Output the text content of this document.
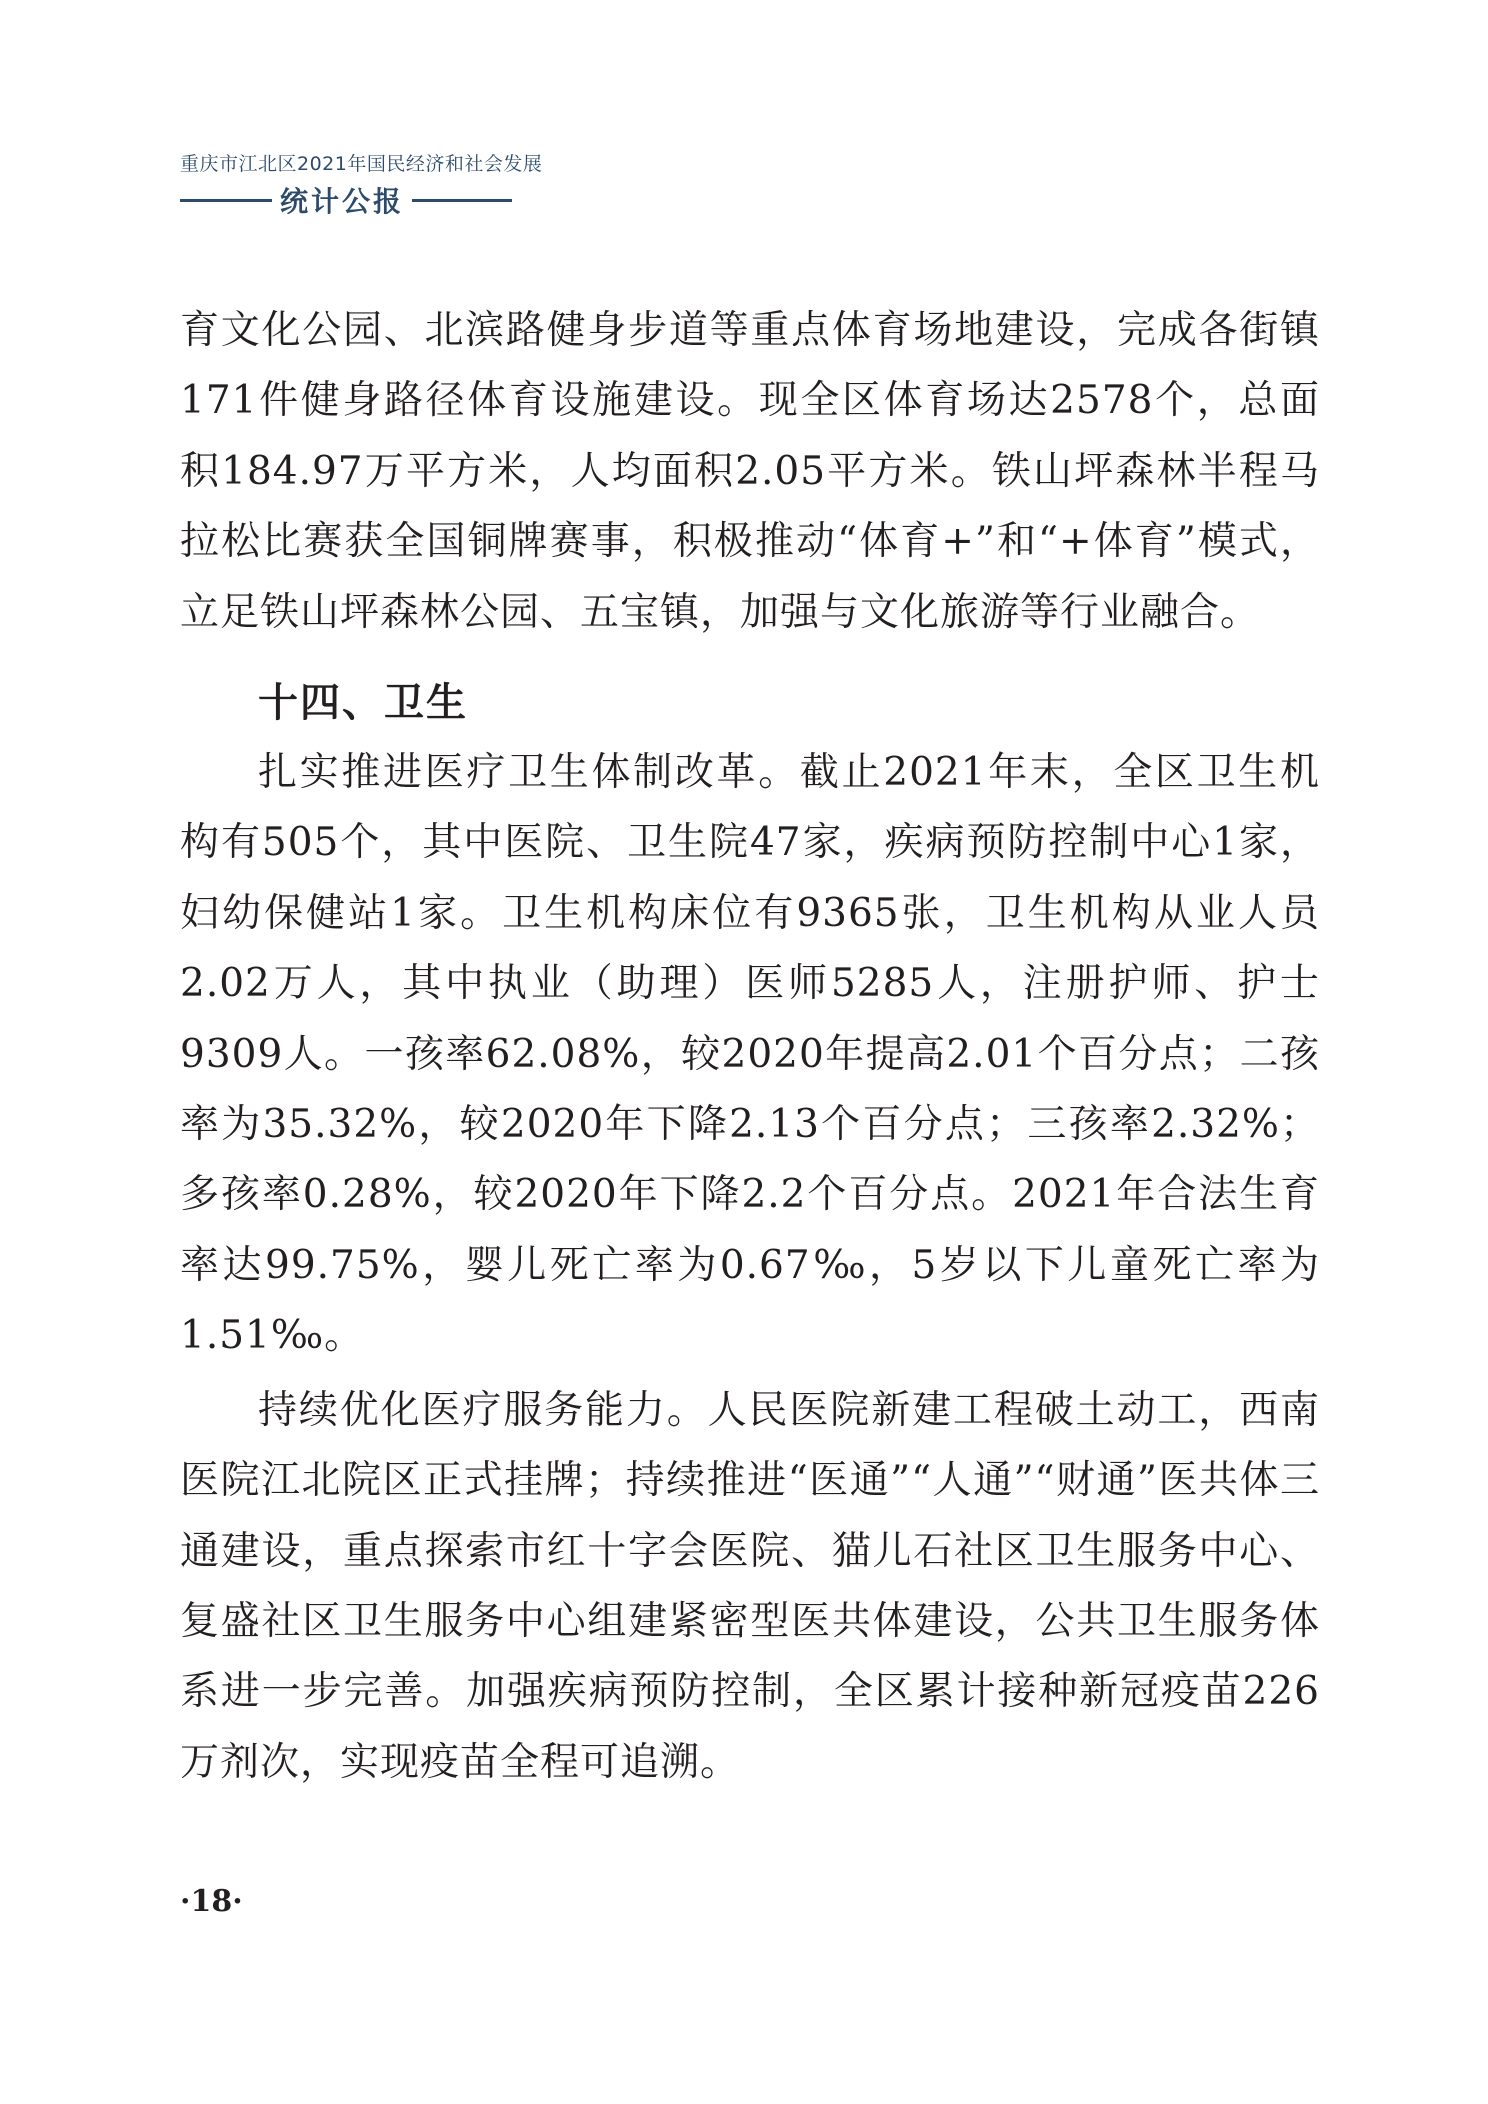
重庆市江北区2021年国民经济和社会发展
统计公报

育文化公园、北滨路健身步道等重点体育场地建设，完成各街镇171件健身路径体育设施建设。现全区体育场达2578个，总面积184.97万平方米，人均面积2.05平方米。铁山坪森林半程马拉松比赛获全国铜牌赛事，积极推动“体育+”和“+体育”模式，立足铁山坪森林公园、五宝镇，加强与文化旅游等行业融合。

十四、卫生

扎实推进医疗卫生体制改革。截止2021年末，全区卫生机构有505个，其中医院、卫生院47家，疾病预防控制中心1家，妇幼保健站1家。卫生机构床位有9365张，卫生机构从业人员2.02万人，其中执业（助理）医师5285人，注册护师、护士9309人。一孩率62.08%，较2020年提高2.01个百分点；二孩率为35.32%，较2020年下降2.13个百分点；三孩率2.32%；多孩率0.28%，较2020年下降2.2个百分点。2021年合法生育率达99.75%，婴儿死亡率为0.67‰，5岁以下儿童死亡率为1.51‰。

持续优化医疗服务能力。人民医院新建工程破土动工，西南医院江北院区正式挂牌；持续推进“医通”“人通”“财通”医共体三通建设，重点探索市红十字会医院、猫儿石社区卫生服务中心、复盛社区卫生服务中心组建紧密型医共体建设，公共卫生服务体系进一步完善。加强疾病预防控制，全区累计接种新冠疫苗226万剂次，实现疫苗全程可追溯。

·18·
